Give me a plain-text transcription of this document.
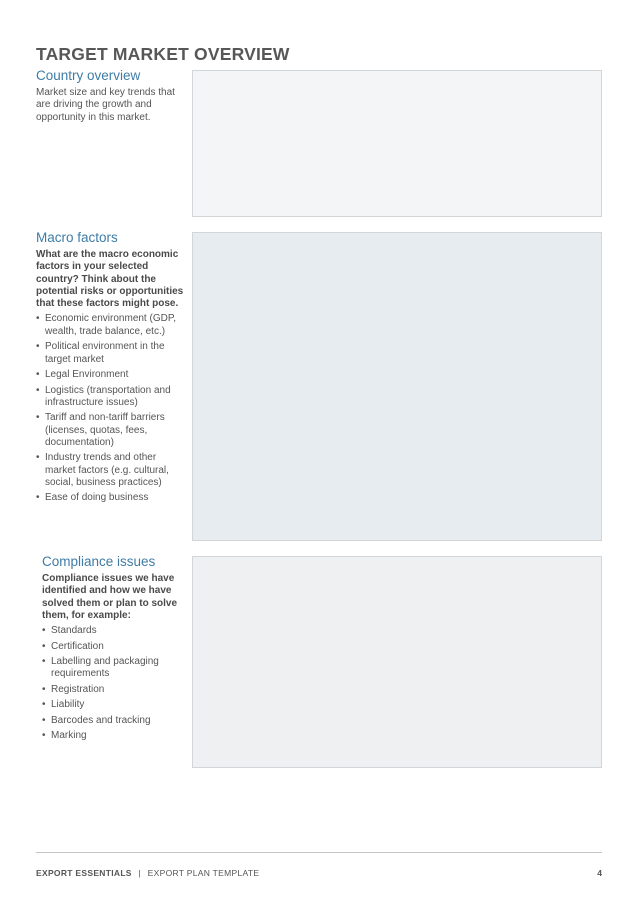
TARGET MARKET OVERVIEW
Country overview

Market size and key trends that are driving the growth and opportunity in this market.

Macro factors

What are the macro economic factors in your selected country? Think about the potential risks or opportunities that these factors might pose.

• Economic environment (GDP, wealth, trade balance, etc.)
• Political environment in the target market
• Legal Environment
• Logistics (transportation and infrastructure issues)
• Tariff and non-tariff barriers (licenses, quotas, fees, documentation)
• Industry trends and other market factors (e.g. cultural, social, business practices)
• Ease of doing business
Compliance issues

Compliance issues we have identified and how we have solved them or plan to solve them, for example:

• Standards
• Certification
• Labelling and packaging requirements
• Registration
• Liability
• Barcodes and tracking
• Marking
EXPORT ESSENTIALS | EXPORT PLAN TEMPLATE	4
